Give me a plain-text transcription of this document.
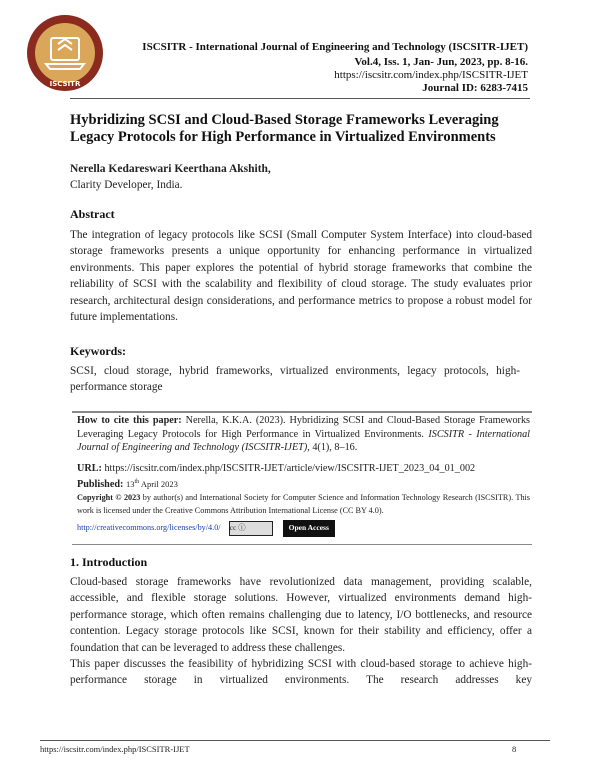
ISCSITR
ISCSITR - International Journal of Engineering and Technology (ISCSITR-IJET)
Vol.4, Iss. 1, Jan- Jun, 2023, pp. 8-16.
https://iscsitr.com/index.php/ISCSITR-IJET
Journal ID: 6283-7415
Hybridizing SCSI and Cloud-Based Storage Frameworks Leveraging Legacy Protocols for High Performance in Virtualized Environments
Nerella Kedareswari Keerthana Akshith,
Clarity Developer, India.
Abstract
The integration of legacy protocols like SCSI (Small Computer System Interface) into cloud-based storage frameworks presents a unique opportunity for enhancing performance in virtualized environments. This paper explores the potential of hybrid storage frameworks that combine the reliability of SCSI with the scalability and flexibility of cloud storage. The study evaluates prior research, architectural design considerations, and performance metrics to propose a robust model for future implementations.
Keywords:
SCSI, cloud storage, hybrid frameworks, virtualized environments, legacy protocols, high-performance storage
How to cite this paper: Nerella, K.K.A. (2023). Hybridizing SCSI and Cloud-Based Storage Frameworks Leveraging Legacy Protocols for High Performance in Virtualized Environments. ISCSITR - International Journal of Engineering and Technology (ISCSITR-IJET), 4(1), 8–16.
URL: https://iscsitr.com/index.php/ISCSITR-IJET/article/view/ISCSITR-IJET_2023_04_01_002
Published: 13th April 2023
Copyright © 2023 by author(s) and International Society for Computer Science and Information Technology Research (ISCSITR). This work is licensed under the Creative Commons Attribution International License (CC BY 4.0).
http://creativecommons.org/licenses/by/4.0/ cc ⓘ	Open Access
1. Introduction
Cloud-based storage frameworks have revolutionized data management, providing scalable, accessible, and flexible storage solutions. However, virtualized environments demand high-performance storage, which often remains challenging due to latency, I/O bottlenecks, and resource contention. Legacy storage protocols like SCSI, known for their stability and efficiency, offer a foundation that can be leveraged to address these challenges.
This paper discusses the feasibility of hybridizing SCSI with cloud-based storage to achieve high-performance storage in virtualized environments. The research addresses key
https://iscsitr.com/index.php/ISCSITR-IJET	8
